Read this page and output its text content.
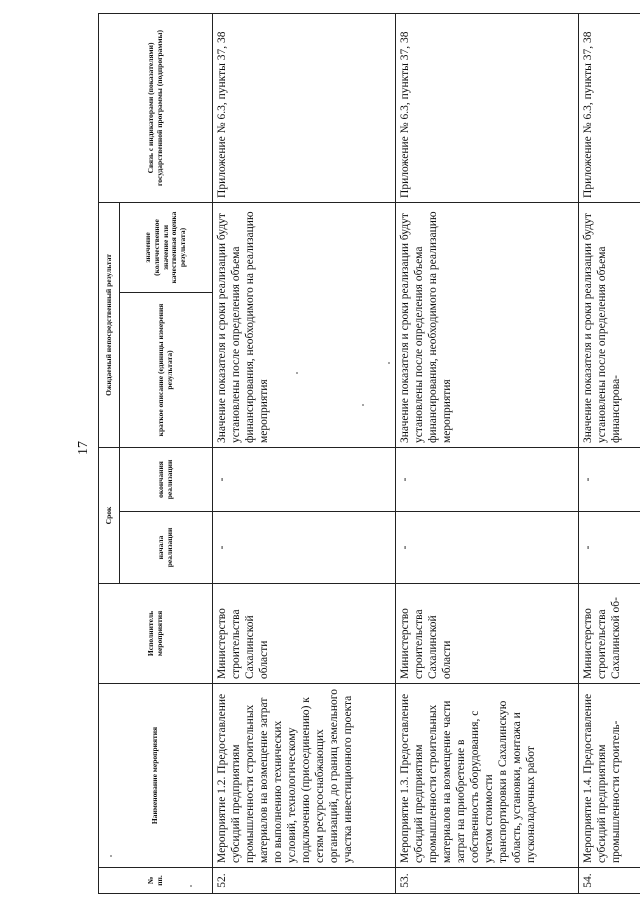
17
№ пп.	Наименование мероприятия	Исполнитель мероприятия	Срок		Ожидаемый непосредственный результат		Связь с индикаторами (показателями) государственной программы (подпрограммы)
			начала реализации	окончания реализации	краткое описание (единицы измерения результата)	значение (количественное значение или качественная оценка результата)	
52.	Мероприятие 1.2. Предоставление субсидий предприятиям промышленности строительных материалов на возмещение затрат по выполнению технических условий, технологическому подключению (присоединению) к сетям ресурсоснабжающих организаций, до границ земельного участка инвестиционного проекта	Министерство строительства Сахалинской области	-	-	Значение показателя и сроки реализации будут установлены после определения объема финансирования, необходимого на реализацию мероприятия		Приложение № 6.3, пункты 37, 38
53.	Мероприятие 1.3. Предоставление субсидий предприятиям промышленности строительных материалов на возмещение части затрат на приобретение в собственность оборудования, с учетом стоимости транспортировки в Сахалинскую область, установки, монтажа и пусконаладочных работ	Министерство строительства Сахалинской области	-	-	Значение показателя и сроки реализации будут установлены после определения объема финансирования, необходимого на реализацию мероприятия		Приложение № 6.3, пункты 37, 38
54.	Мероприятие 1.4. Предоставление субсидий предприятиям промышленности строитель-	Министерство строительства Сахалинской об-	-	-	Значение показателя и сроки реализации будут установлены после определения объема финансирова-		Приложение № 6.3, пункты 37, 38
